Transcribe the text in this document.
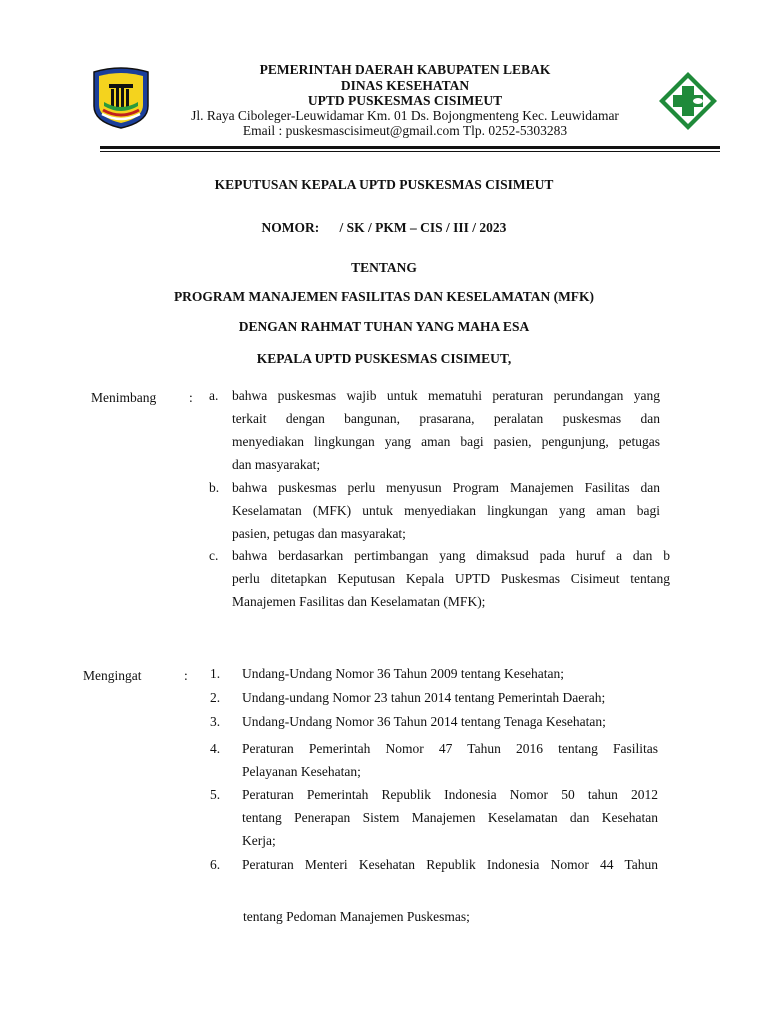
PEMERINTAH DAERAH KABUPATEN LEBAK
DINAS KESEHATAN
UPTD PUSKESMAS CISIMEUT
Jl. Raya Ciboleger-Leuwidamar Km. 01 Ds. Bojongmenteng Kec. Leuwidamar
Email : puskesmascisimeut@gmail.com Tlp. 0252-5303283
KEPUTUSAN KEPALA UPTD PUSKESMAS CISIMEUT
NOMOR:      / SK / PKM – CIS / III / 2023
TENTANG
PROGRAM MANAJEMEN FASILITAS DAN KESELAMATAN (MFK)
DENGAN RAHMAT TUHAN YANG MAHA ESA
KEPALA UPTD PUSKESMAS CISIMEUT,
Menimbang : a. bahwa puskesmas wajib untuk mematuhi peraturan perundangan yang
terkait dengan bangunan, prasarana, peralatan puskesmas dan
menyediakan lingkungan yang aman bagi pasien, pengunjung, petugas
dan masyarakat;
b. bahwa puskesmas perlu menyusun Program Manajemen Fasilitas dan
Keselamatan (MFK) untuk menyediakan lingkungan yang aman bagi
pasien, petugas dan masyarakat;
c. bahwa berdasarkan pertimbangan yang dimaksud pada huruf a dan b
perlu ditetapkan Keputusan Kepala UPTD Puskesmas Cisimeut tentang
Manajemen Fasilitas dan Keselamatan (MFK);
Mengingat	: 1. Undang-Undang Nomor 36 Tahun 2009 tentang Kesehatan;
2. Undang-undang Nomor 23 tahun 2014 tentang Pemerintah Daerah;
3. Undang-Undang Nomor 36 Tahun 2014 tentang Tenaga Kesehatan;
4. Peraturan Pemerintah Nomor 47 Tahun 2016 tentang Fasilitas
Pelayanan Kesehatan;
5. Peraturan Pemerintah Republik Indonesia Nomor 50 tahun 2012
tentang Penerapan Sistem Manajemen Keselamatan dan Kesehatan
Kerja;
6. Peraturan Menteri Kesehatan Republik Indonesia Nomor 44 Tahun
tentang Pedoman Manajemen Puskesmas;
